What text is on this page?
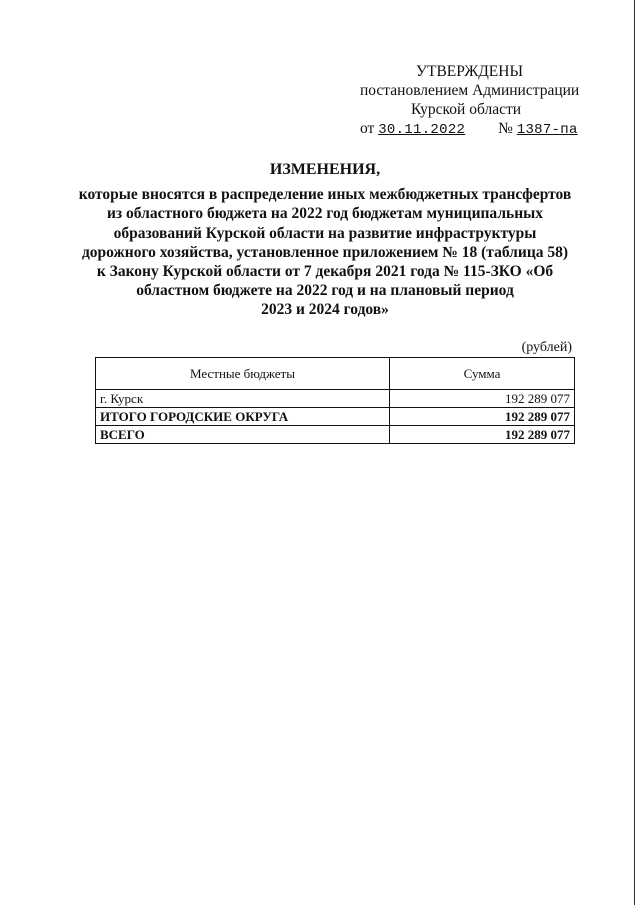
УТВЕРЖДЕНЫ
постановлением Администрации
Курской области
от 30.11.2022 № 1387-па
ИЗМЕНЕНИЯ,
которые вносятся в распределение иных межбюджетных трансфертов
из областного бюджета на 2022 год бюджетам муниципальных
образований Курской области на развитие инфраструктуры
дорожного хозяйства, установленное приложением № 18 (таблица 58)
к Закону Курской области от 7 декабря 2021 года № 115-ЗКО «Об
областном бюджете на 2022 год и на плановый период
2023 и 2024 годов»
(рублей)
Местные бюджеты	Сумма
г. Курск	192 289 077
ИТОГО ГОРОДСКИЕ ОКРУГА	192 289 077
ВСЕГО	192 289 077
